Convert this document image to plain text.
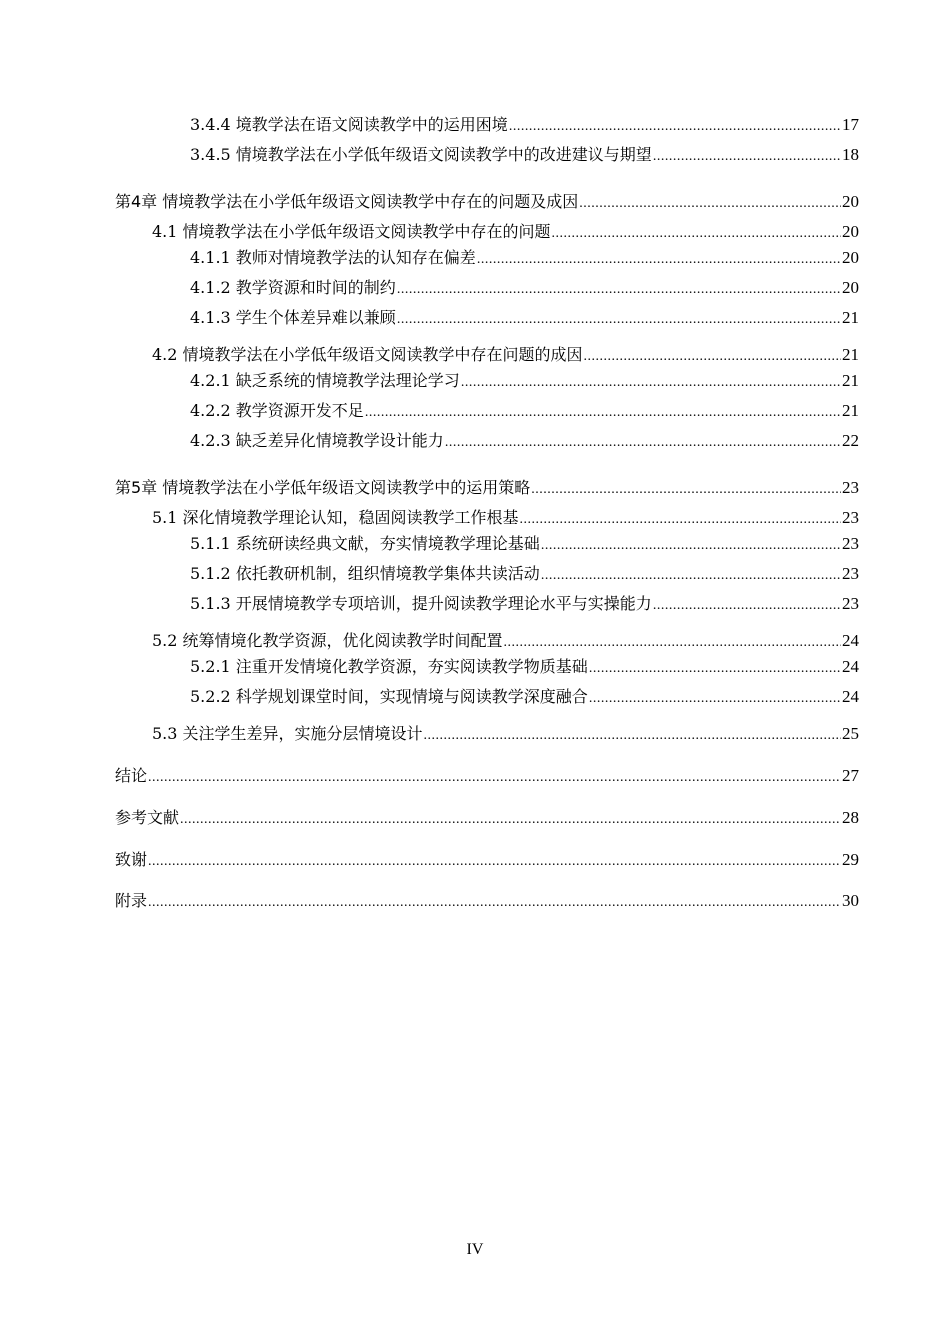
3.4.4 境教学法在语文阅读教学中的运用困境 .....	17
3.4.5 情境教学法在小学低年级语文阅读教学中的改进建议与期望 .....	18
第4章 情境教学法在小学低年级语文阅读教学中存在的问题及成因 .....	20
4.1 情境教学法在小学低年级语文阅读教学中存在的问题 .....	20
4.1.1 教师对情境教学法的认知存在偏差 .....	20
4.1.2 教学资源和时间的制约 .....	20
4.1.3 学生个体差异难以兼顾 .....	21
4.2 情境教学法在小学低年级语文阅读教学中存在问题的成因 .....	21
4.2.1 缺乏系统的情境教学法理论学习 .....	21
4.2.2 教学资源开发不足 .....	21
4.2.3 缺乏差异化情境教学设计能力 .....	22
第5章 情境教学法在小学低年级语文阅读教学中的运用策略 .....	23
5.1 深化情境教学理论认知，稳固阅读教学工作根基 .....	23
5.1.1 系统研读经典文献，夯实情境教学理论基础 .....	23
5.1.2 依托教研机制，组织情境教学集体共读活动 .....	23
5.1.3 开展情境教学专项培训，提升阅读教学理论水平与实操能力 .....	23
5.2 统筹情境化教学资源，优化阅读教学时间配置 .....	24
5.2.1 注重开发情境化教学资源，夯实阅读教学物质基础 .....	24
5.2.2 科学规划课堂时间，实现情境与阅读教学深度融合 .....	24
5.3 关注学生差异，实施分层情境设计 .....	25
结论 .....	27
参考文献 .....	28
致谢 .....	29
附录 .....	30
IV
